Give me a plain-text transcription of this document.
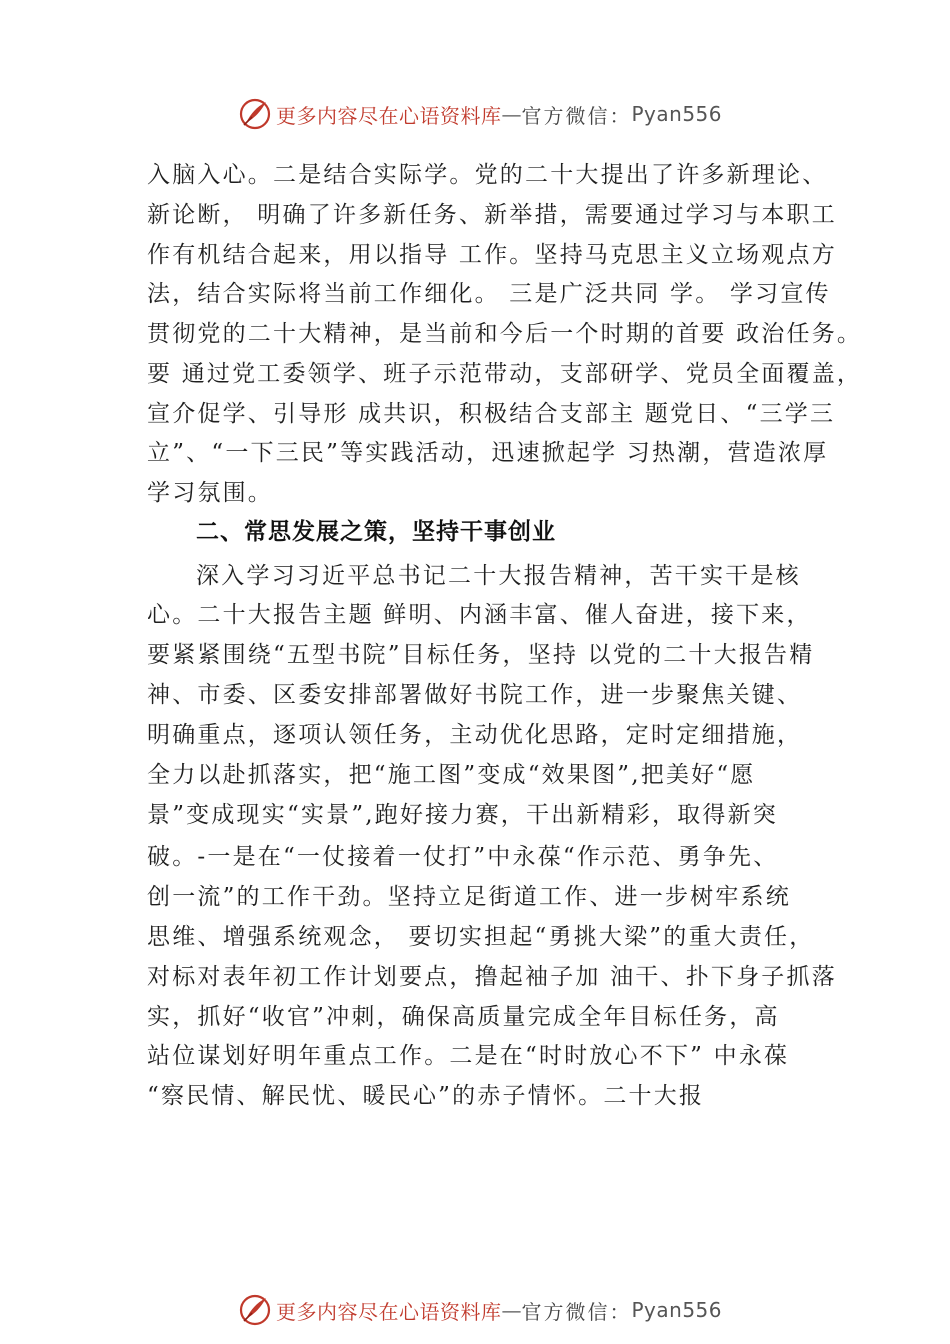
更多内容尽在心语资料库 — 官方微信： Pyan556
入脑入心。二是结合实际学。党的二十大提出了许多新理论、
新论断， 明确了许多新任务、新举措，需要通过学习与本职工
作有机结合起来，用以指导 工作。坚持马克思主义立场观点方
法，结合实际将当前工作细化。 三是广泛共同 学。 学习宣传
贯彻党的二十大精神，是当前和今后一个时期的首要 政治任务。
要 通过党工委领学、班子示范带动，支部研学、党员全面覆盖，
宣介促学、引导形 成共识，积极结合支部主 题党日、“三学三
立”、“一下三民”等实践活动，迅速掀起学 习热潮，营造浓厚
学习氛围。
二、常思发展之策，坚持干事创业
深入学习习近平总书记二十大报告精神，苦干实干是核
心。二十大报告主题 鲜明、内涵丰富、催人奋进，接下来，
要紧紧围绕“五型书院”目标任务，坚持 以党的二十大报告精
神、市委、区委安排部署做好书院工作，进一步聚焦关键、
明确重点，逐项认领任务，主动优化思路，定时定细措施，
全力以赴抓落实，把“施工图”变成“效果图”,把美好“愿
景”变成现实“实景”,跑好接力赛，干出新精彩，取得新突
破。-一是在“一仗接着一仗打”中永葆“作示范、勇争先、
创一流”的工作干劲。坚持立足街道工作、进一步树牢系统
思维、增强系统观念， 要切实担起“勇挑大梁”的重大责任，
对标对表年初工作计划要点，撸起袖子加 油干、扑下身子抓落
实，抓好“收官”冲刺，确保高质量完成全年目标任务，高
站位谋划好明年重点工作。二是在“时时放心不下” 中永葆
“察民情、解民忧、暖民心”的赤子情怀。二十大报
更多内容尽在心语资料库 — 官方微信： Pyan556
